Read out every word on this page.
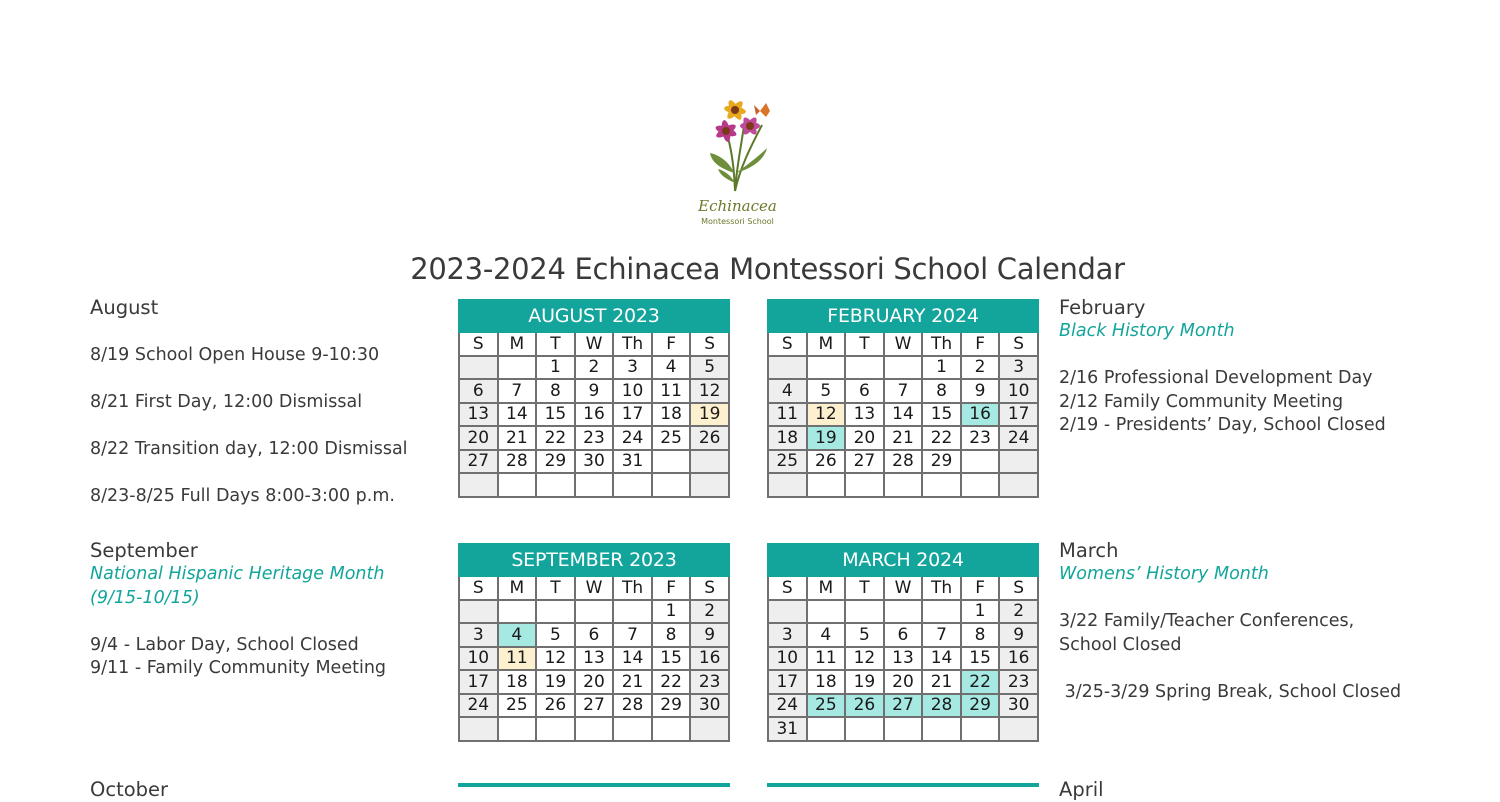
Echinacea
Montessori School
2023-2024 Echinacea Montessori School Calendar
AUGUST 2023						
S	M	T	W	Th	F	S
		1	2	3	4	5
6	7	8	9	10	11	12
13	14	15	16	17	18	19
20	21	22	23	24	25	26
27	28	29	30	31		

FEBRUARY 2024						
S	M	T	W	Th	F	S
				1	2	3
4	5	6	7	8	9	10
11	12	13	14	15	16	17
18	19	20	21	22	23	24
25	26	27	28	29		

SEPTEMBER 2023						
S	M	T	W	Th	F	S
					1	2
3	4	5	6	7	8	9
10	11	12	13	14	15	16
17	18	19	20	21	22	23
24	25	26	27	28	29	30

MARCH 2024						
S	M	T	W	Th	F	S
					1	2
3	4	5	6	7	8	9
10	11	12	13	14	15	16
17	18	19	20	21	22	23
24	25	26	27	28	29	30
31						

August

8/19 School Open House 9-10:30

8/21 First Day, 12:00 Dismissal

8/22 Transition day, 12:00 Dismissal

8/23-8/25 Full Days 8:00-3:00 p.m.

September

National Hispanic Heritage Month

(9/15-10/15)

9/4 - Labor Day, School Closed

9/11 - Family Community Meeting

October

February

Black History Month

2/16 Professional Development Day

2/12 Family Community Meeting

2/19 - Presidents’ Day, School Closed

March

Womens’ History Month

3/22 Family/Teacher Conferences,

School Closed

3/25-3/29 Spring Break, School Closed

April
